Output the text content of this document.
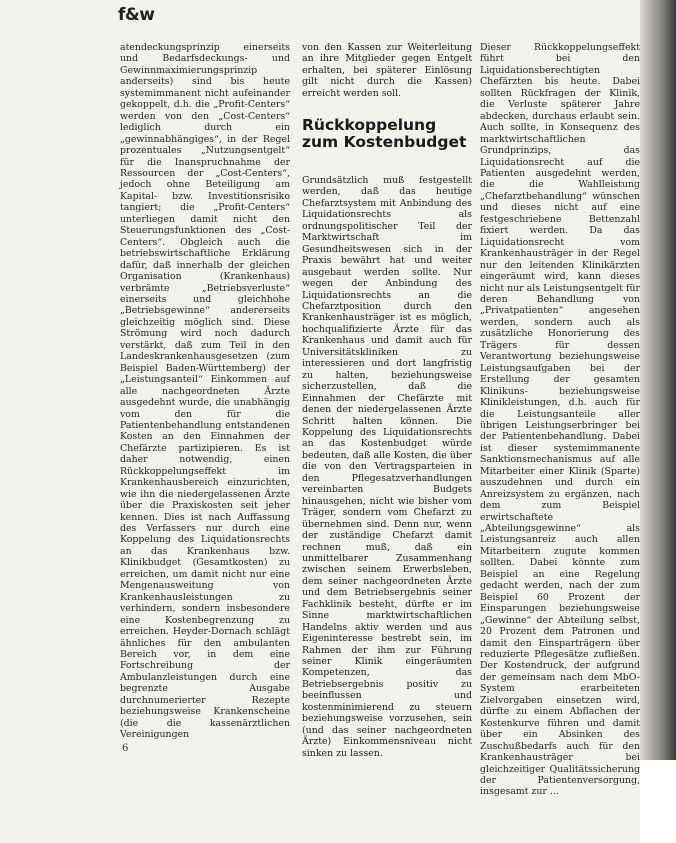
f&w

atendeckungsprinzip einerseits und Bedarfsdeckungs- und Gewinnmaximierungsprinzip anderseits) sind bis heute systemimmanent nicht aufeinander gekoppelt, d.h. die „Profit-Centers“ werden von den „Cost-Centers“ lediglich durch ein „gewinnabhängiges“, in der Regel prozentuales „Nutzungsentgelt“ für die Inanspruchnahme der Ressourcen der „Cost-Centers“, jedoch ohne Beteiligung am Kapital- bzw. Investitionsrisiko tangiert; die „Profit-Centers“ unterliegen damit nicht den Steuerungsfunktionen des „Cost-Centers“. Obgleich auch die betriebswirtschaftliche Erklärung dafür, daß innerhalb der gleichen Organisation (Krankenhaus) verbrämte „Betriebsverluste“ einerseits und gleichhohe „Betriebsgewinne“ andererseits gleichzeitig möglich sind. Diese Strömung wird noch dadurch verstärkt, daß zum Teil in den Landeskrankenhausgesetzen (zum Beispiel Baden-Württemberg) der „Leistungsanteil“ Einkommen auf alle nachgeordneten Ärzte ausgedehnt wurde, die unabhängig vom den für die Patientenbehandlung entstandenen Kosten an den Einnahmen der Chefärzte partizipieren. Es ist daher notwendig, einen Rückkoppelungseffekt im Krankenhausbereich einzurichten, wie ihn die niedergelassenen Ärzte über die Praxiskosten seit jeher kennen. Dies ist nach Auffassung des Verfassers nur durch eine Koppelung des Liquidationsrechts an das Krankenhaus bzw. Klinikbudget (Gesamtkosten) zu erreichen, um damit nicht nur eine Mengenausweitung von Krankenhausleistungen zu verhindern, sondern insbesondere eine Kostenbegrenzung zu erreichen. Heyder-Dornach schlägt ähnliches für den ambulanten Bereich vor, in dem eine Fortschreibung der Ambulanzleistungen durch eine begrenzte Ausgabe durchnumerierter Rezepte beziehungsweise Krankenscheine (die die kassenärztlichen Vereinigungen

von den Kassen zur Weiterleitung an ihre Mitglieder gegen Entgelt erhalten, bei späterer Einlösung gilt nicht durch die Kassen) erreicht werden soll.

Rückkoppelung
zum Kostenbudget

Grundsätzlich muß festgestellt werden, daß das heutige Chefarztsystem mit Anbindung des Liquidationsrechts als ordnungspolitischer Teil der Marktwirtschaft im Gesundheitswesen sich in der Praxis bewährt hat und weiter ausgebaut werden sollte. Nur wegen der Anbindung des Liquidationsrechts an die Chefarztposition durch den Krankenhausträger ist es möglich, hochqualifizierte Ärzte für das Krankenhaus und damit auch für Universitätskliniken zu interessieren und dort langfristig zu halten, beziehungsweise sicherzustellen, daß die Einnahmen der Chefärzte mit denen der niedergelassenen Ärzte Schritt halten können. Die Koppelung des Liquidationsrechts an das Kostenbudget würde bedeuten, daß alle Kosten, die über die von den Vertragsparteien in den Pflegesatzverhandlungen vereinbarten Budgets hinausgehen, nicht wie bisher vom Träger, sondern vom Chefarzt zu übernehmen sind. Denn nur, wenn der zuständige Chefarzt damit rechnen muß, daß ein unmittelbarer Zusammenhang zwischen seinem Erwerbsleben, dem seiner nachgeordneten Ärzte und dem Betriebsergebnis seiner Fachklinik besteht, dürfte er im Sinne marktwirtschaftlichen Handelns aktiv werden und aus Eigeninteresse bestrebt sein, im Rahmen der ihm zur Führung seiner Klinik eingeräumten Kompetenzen, das Betriebsergebnis positiv zu beeinflussen und kostenminimierend zu steuern beziehungsweise vorzusehen, sein (und das seiner nachgeordneten Ärzte) Einkommensniveau nicht sinken zu lassen.

Dieser Rückkoppelungseffekt führt bei den Liquidationsberechtigten Chefärzten bis heute. Dabei sollten Rückfragen der Klinik, die Verluste späterer Jahre abdecken, durchaus erlaubt sein. Auch sollte, in Konsequenz des marktwirtschaftlichen Grundprinzips, das Liquidationsrecht auf die Patienten ausgedehnt werden, die die Wahlleistung „Chefarztbehandlung“ wünschen und dieses nicht auf eine festgeschriebene Bettenzahl fixiert werden. Da das Liquidationsrecht vom Krankenhausträger in der Regel nur den leitenden Klinikärzten eingeräumt wird, kann dieses nicht nur als Leistungsentgelt für deren Behandlung von „Privatpatienten“ angesehen werden, sondern auch als zusätzliche Honorierung des Trägers für dessen Verantwortung beziehungsweise Leistungsaufgaben bei der Erstellung der gesamten Klinikuns- beziehungsweise Klinikleistungen, d.h. auch für die Leistungsanteile aller übrigen Leistungserbringer bei der Patientenbehandlung. Dabei ist dieser systemimmanente Sanktionsmechanismus auf alle Mitarbeiter einer Klinik (Sparte) auszudehnen und durch ein Anreizsystem zu ergänzen, nach dem zum Beispiel erwirtschaftete „Abteilungsgewinne“ als Leistungsanreiz auch allen Mitarbeitern zugute kommen sollten. Dabei könnte zum Beispiel an eine Regelung gedacht werden, nach der zum Beispiel 60 Prozent der Einsparungen beziehungsweise „Gewinne“ der Abteilung selbst, 20 Prozent dem Patronen und damit den Einsparträgern über reduzierte Pflegesätze zufließen. Der Kostendruck, der aufgrund der gemeinsam nach dem MbO-System erarbeiteten Zielvorgaben einsetzen wird, dürfte zu einem Abflachen der Kostenkurve führen und damit über ein Absinken des Zuschußbedarfs auch für den Krankenhausträger bei gleichzeitiger Qualitätssicherung der Patientenversorgung, insgesamt zur ...

6
